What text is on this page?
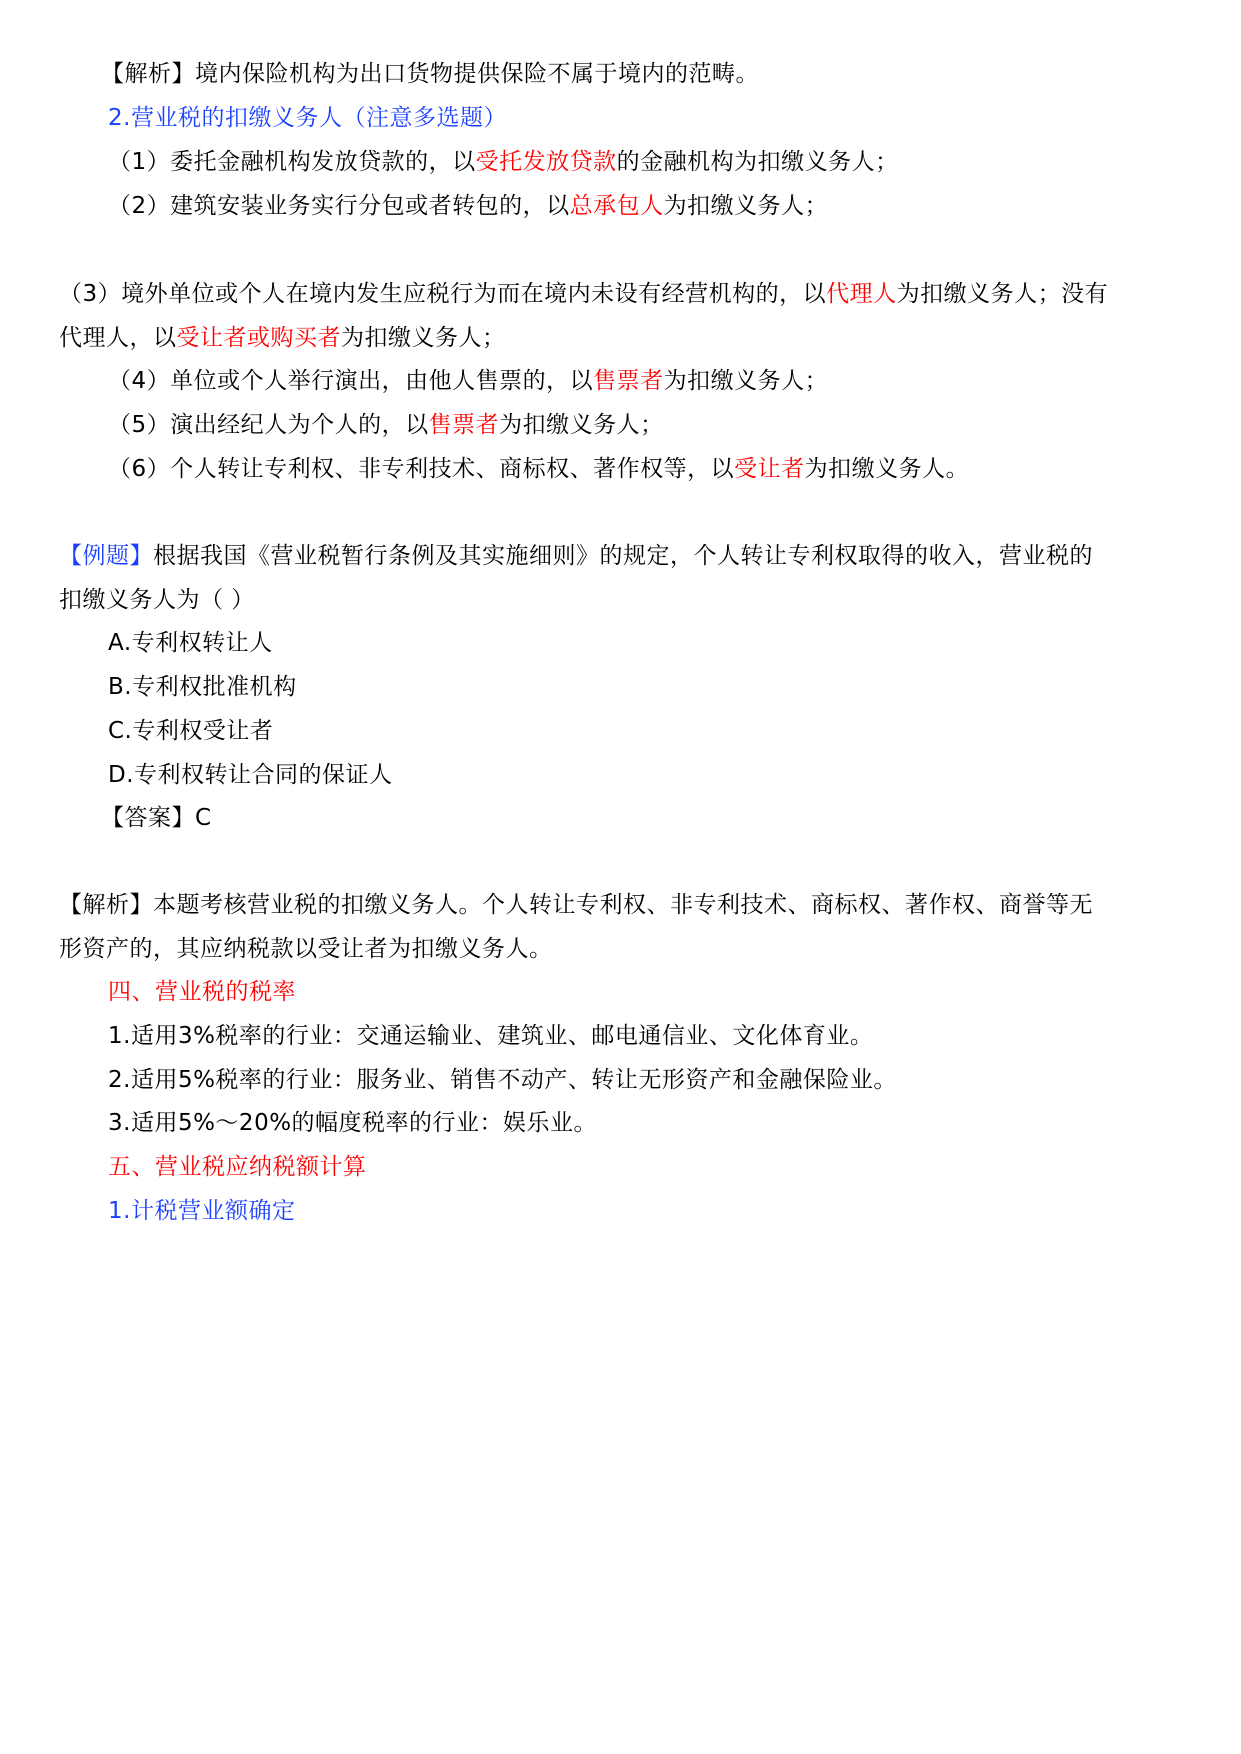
【解析】境内保险机构为出口货物提供保险不属于境内的范畴。
2.营业税的扣缴义务人（注意多选题）
（1）委托金融机构发放贷款的，以受托发放贷款的金融机构为扣缴义务人；
（2）建筑安装业务实行分包或者转包的，以总承包人为扣缴义务人；
（3）境外单位或个人在境内发生应税行为而在境内未设有经营机构的，以代理人为扣缴义务人；没有
代理人，以受让者或购买者为扣缴义务人；
（4）单位或个人举行演出，由他人售票的，以售票者为扣缴义务人；
（5）演出经纪人为个人的，以售票者为扣缴义务人；
（6）个人转让专利权、非专利技术、商标权、著作权等，以受让者为扣缴义务人。
【例题】根据我国《营业税暂行条例及其实施细则》的规定，个人转让专利权取得的收入，营业税的
扣缴义务人为（ ）
A.专利权转让人
B.专利权批准机构
C.专利权受让者
D.专利权转让合同的保证人
【答案】C
【解析】本题考核营业税的扣缴义务人。个人转让专利权、非专利技术、商标权、著作权、商誉等无
形资产的，其应纳税款以受让者为扣缴义务人。
四、营业税的税率
1.适用3%税率的行业：交通运输业、建筑业、邮电通信业、文化体育业。
2.适用5%税率的行业：服务业、销售不动产、转让无形资产和金融保险业。
3.适用5%～20%的幅度税率的行业：娱乐业。
五、营业税应纳税额计算
1.计税营业额确定
